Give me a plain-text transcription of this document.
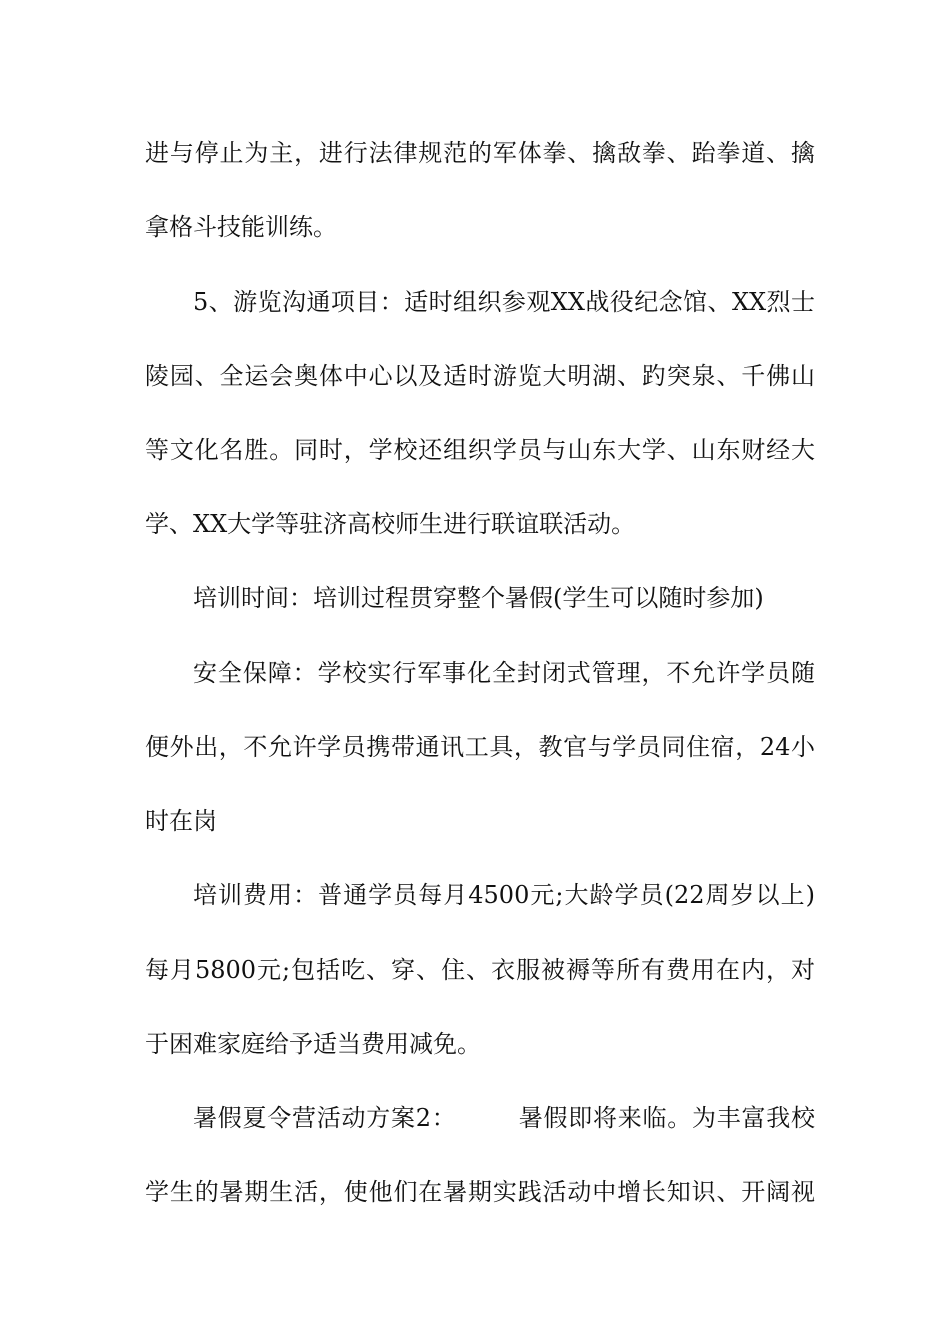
进与停止为主，进行法律规范的军体拳、擒敌拳、跆拳道、擒
拿格斗技能训练。
5、游览沟通项目：适时组织参观XX战役纪念馆、XX烈士
陵园、全运会奥体中心以及适时游览大明湖、趵突泉、千佛山
等文化名胜。同时，学校还组织学员与山东大学、山东财经大
学、XX大学等驻济高校师生进行联谊联活动。
培训时间：培训过程贯穿整个暑假(学生可以随时参加)
安全保障：学校实行军事化全封闭式管理，不允许学员随
便外出，不允许学员携带通讯工具，教官与学员同住宿，24小
时在岗
培训费用：普通学员每月4500元;大龄学员(22周岁以上)
每月5800元;包括吃、穿、住、衣服被褥等所有费用在内，对
于困难家庭给予适当费用减免。
暑假夏令营活动方案2：　　　暑假即将来临。为丰富我校
学生的暑期生活，使他们在暑期实践活动中增长知识、开阔视
